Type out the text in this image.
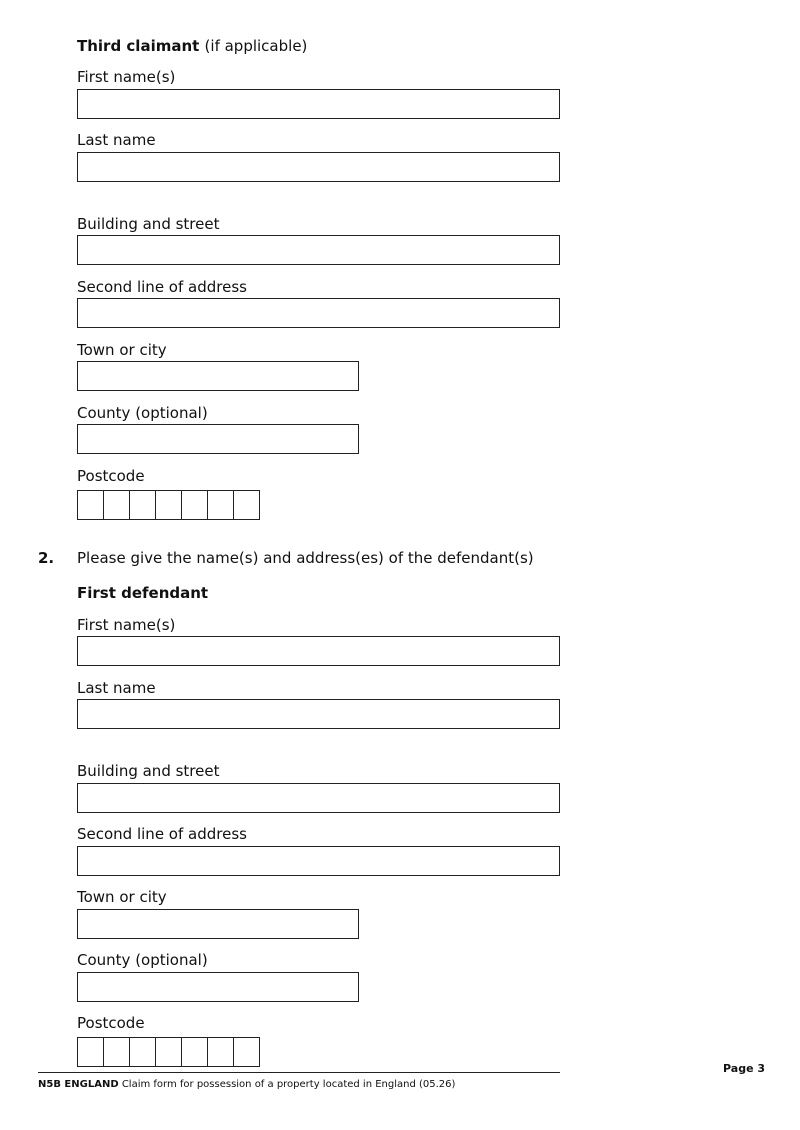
Third claimant (if applicable)
First name(s)
Last name
Building and street
Second line of address
Town or city
County (optional)
Postcode
2. Please give the name(s) and address(es) of the defendant(s)
First defendant
First name(s)
Last name
Building and street
Second line of address
Town or city
County (optional)
Postcode
N5B ENGLAND Claim form for possession of a property located in England (05.26)
Page 3
